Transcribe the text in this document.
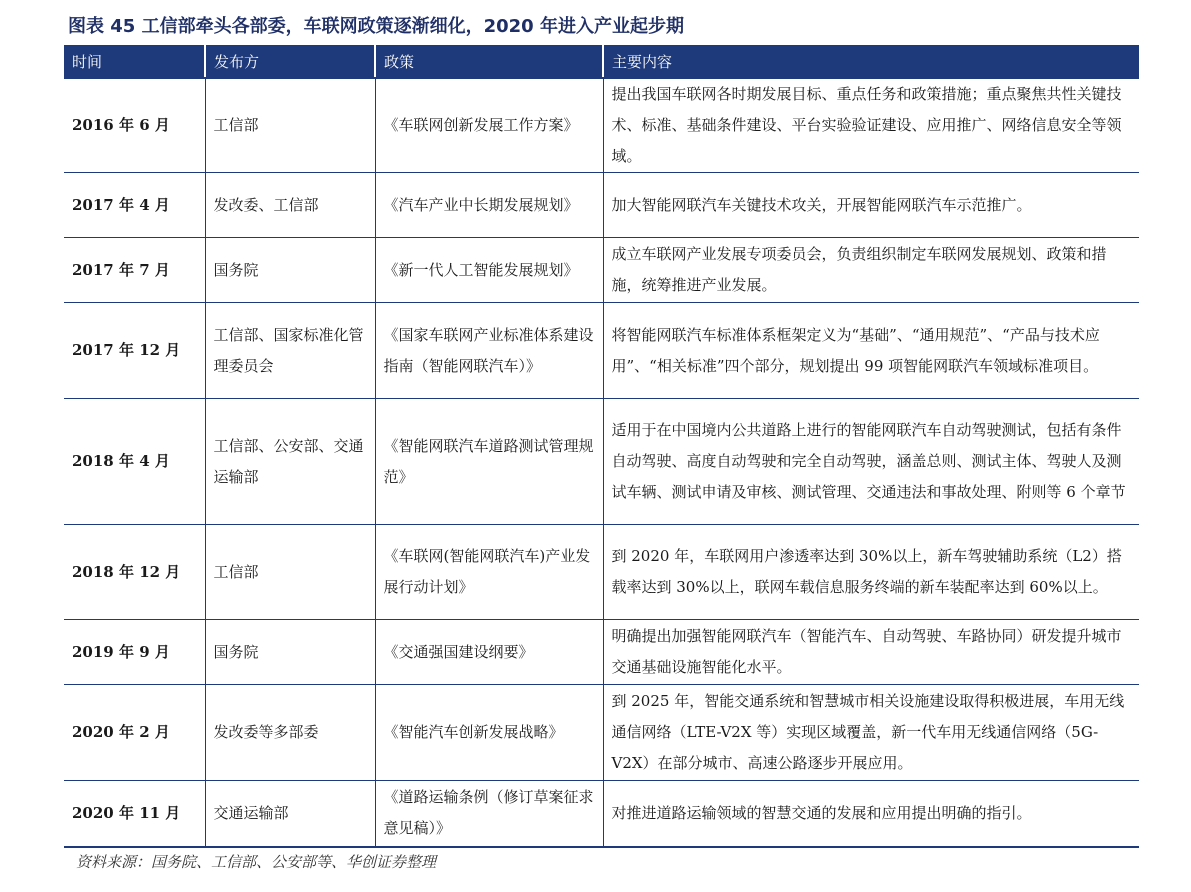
图表 45 工信部牵头各部委，车联网政策逐渐细化，2020 年进入产业起步期
时间	发布方	政策	主要内容
2016 年 6 月	工信部	《车联网创新发展工作方案》	提出我国车联网各时期发展目标、重点任务和政策措施；重点聚焦共性关键技术、标准、基础条件建设、平台实验验证建设、应用推广、网络信息安全等领域。
2017 年 4 月	发改委、工信部	《汽车产业中长期发展规划》	加大智能网联汽车关键技术攻关，开展智能网联汽车示范推广。
2017 年 7 月	国务院	《新一代人工智能发展规划》	成立车联网产业发展专项委员会，负责组织制定车联网发展规划、政策和措施，统筹推进产业发展。
2017 年 12 月	工信部、国家标准化管理委员会	《国家车联网产业标准体系建设指南（智能网联汽车）》	将智能网联汽车标准体系框架定义为“基础”、“通用规范”、“产品与技术应用”、“相关标准”四个部分，规划提出 99 项智能网联汽车领域标准项目。
2018 年 4 月	工信部、公安部、交通运输部	《智能网联汽车道路测试管理规范》	适用于在中国境内公共道路上进行的智能网联汽车自动驾驶测试，包括有条件自动驾驶、高度自动驾驶和完全自动驾驶，涵盖总则、测试主体、驾驶人及测试车辆、测试申请及审核、测试管理、交通违法和事故处理、附则等 6 个章节
2018 年 12 月	工信部	《车联网(智能网联汽车)产业发展行动计划》	到 2020 年，车联网用户渗透率达到 30%以上，新车驾驶辅助系统（L2）搭载率达到 30%以上，联网车载信息服务终端的新车装配率达到 60%以上。
2019 年 9 月	国务院	《交通强国建设纲要》	明确提出加强智能网联汽车（智能汽车、自动驾驶、车路协同）研发提升城市交通基础设施智能化水平。
2020 年 2 月	发改委等多部委	《智能汽车创新发展战略》	到 2025 年，智能交通系统和智慧城市相关设施建设取得积极进展，车用无线通信网络（LTE-V2X 等）实现区域覆盖，新一代车用无线通信网络（5G-V2X）在部分城市、高速公路逐步开展应用。
2020 年 11 月	交通运输部	《道路运输条例（修订草案征求意见稿）》	对推进道路运输领域的智慧交通的发展和应用提出明确的指引。
资料来源：国务院、工信部、公安部等、华创证券整理
